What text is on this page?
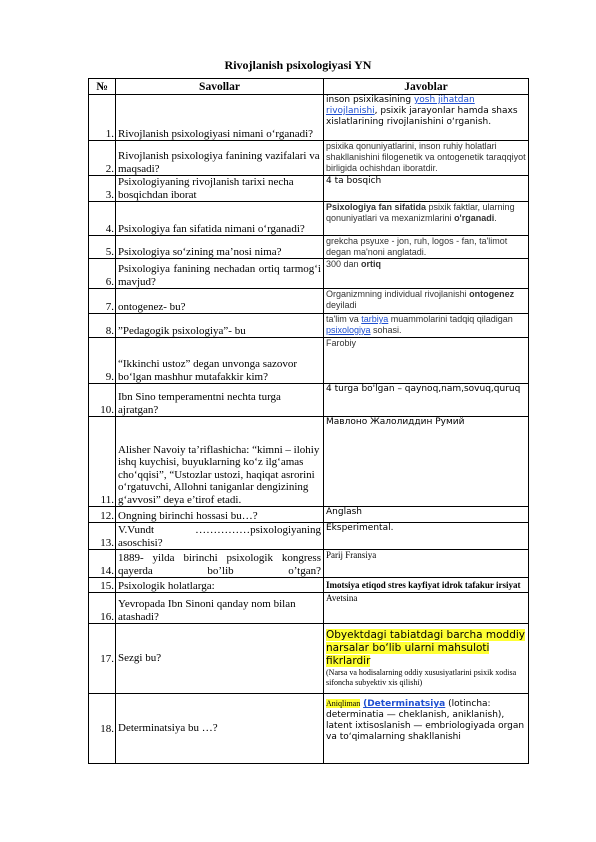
Rivojlanish psixologiyasi YN
№	Savollar	Javoblar
1.	Rivojlanish psixologiyasi nimani o‘rganadi?	inson psixikasining yosh jihatdan rivojlanishi, psixik jarayonlar hamda shaxs xislatlarining rivojlanishini o‘rganish.
2.	Rivojlanish psixologiya fanining vazifalari va maqsadi?	psixika qonuniyatlarini, inson ruhiy holatlari shakllanishini filogenetik va ontogenetik taraqqiyot birligida ochishdan iboratdir.
3.	Psixologiyaning rivojlanish tarixi necha bosqichdan iborat	4 ta bosqich
4.	Psixologiya fan sifatida nimani o‘rganadi?	Psixologiya fan sifatida psixik faktlar, ularning qonuniyatlari va mexanizmlarini o'rganadi.
5.	Psixologiya so‘zining ma’nosi nima?	grekcha psyuxe - jon, ruh, logos - fan, ta'limot degan ma'noni anglatadi.
6.	Psixologiya fanining nechadan ortiq tarmog‘i mavjud?	300 dan ortiq
7.	ontogenez- bu?	Organizmning individual rivojlanishi ontogenez deyiladi
8.	”Pedagogik psixologiya”- bu	ta'lim va tarbiya muammolarini tadqiq qiladigan psixologiya sohasi.
9.	“Ikkinchi ustoz” degan unvonga sazovor bo‘lgan mashhur mutafakkir kim?	Farobiy
10.	Ibn Sino temperamentni nechta turga ajratgan?	4 turga bo'lgan – qaynoq,nam,sovuq,quruq
11.	Alisher Navoiy ta’riflashicha: “kimni – ilohiy ishq kuychisi, buyuklarning ko‘z ilg‘amas cho‘qqisi”, “Ustozlar ustozi, haqiqat asrorini o‘rgatuvchi, Allohni taniganlar dengizining g‘avvosi” deya e’tirof etadi.	Мавлоно Жалолиддин Румий
12.	Ongning birinchi hossasi bu…?	Anglash
13.	V.Vundt ……………psixologiyaning asoschisi?	Eksperimental.
14.	1889- yilda birinchi psixologik kongress qayerda bo’lib o’tgan?	Parij Fransiya
15.	Psixologik holatlarga:	Imotsiya etiqod stres kayfiyat idrok tafakur irsiyat
16.	Yevropada Ibn Sinoni qanday nom bilan atashadi?	Avetsina
17.	Sezgi bu?	Obyektdagi tabiatdagi barcha moddiy narsalar bo‘lib ularni mahsuloti fikrlardir
(Narsa va hodisalarning oddiy xususiyatlarini psixik xodisa sifoncha subyektiv xis qilishi)

18.	Determinatsiya bu …?	Aniqliman (Determinatsiya (lotincha: determinatia — cheklanish, aniklanish), latent ixtisoslanish — embriologiyada organ va to‘qimalarning shakllanishi
